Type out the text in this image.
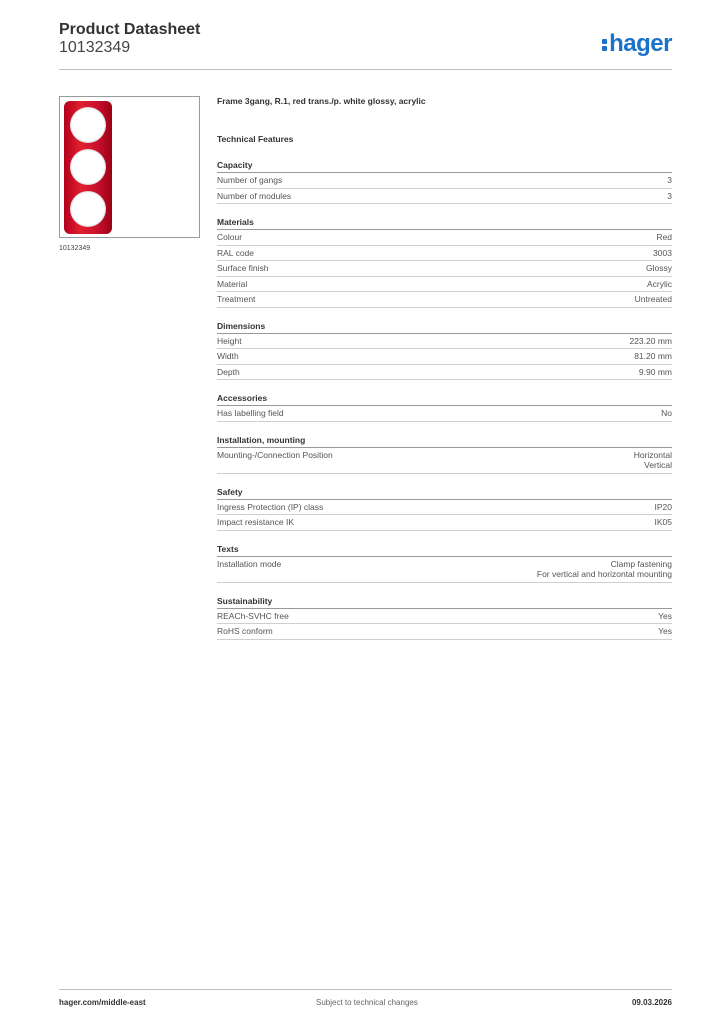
Product Datasheet
10132349	hager
10132349
Frame 3gang, R.1, red trans./p. white glossy, acrylic
Technical Features
Capacity
Number of gangs	3
Number of modules	3
Materials
Colour	Red
RAL code	3003
Surface finish	Glossy
Material	Acrylic
Treatment	Untreated
Dimensions
Height	223.20 mm
Width	81.20 mm
Depth	9.90 mm
Accessories
Has labelling field	No
Installation, mounting
Mounting-/Connection Position	Horizontal
Vertical
Safety
Ingress Protection (IP) class	IP20
Impact resistance IK	IK05
Texts
Installation mode	Clamp fastening
For vertical and horizontal mounting
Sustainability
REACh-SVHC free	Yes
RoHS conform	Yes
hager.com/middle-east	Subject to technical changes	09.03.2026
